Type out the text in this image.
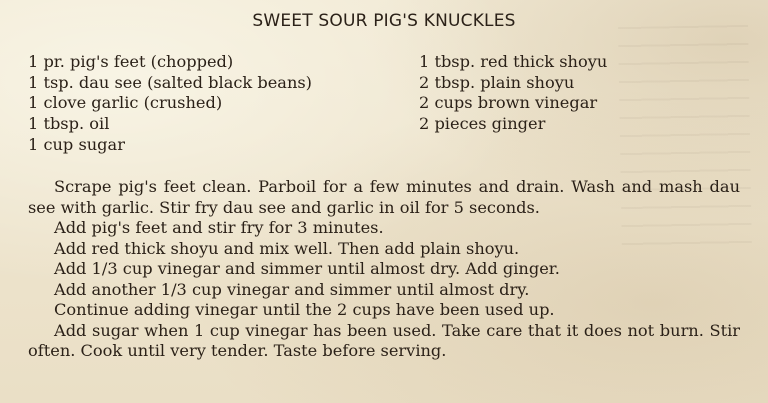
SWEET SOUR PIG'S KNUCKLES
1 pr. pig's feet (chopped)
1 tsp. dau see (salted black beans)
1 clove garlic (crushed)
1 tbsp. oil
1 cup sugar
1 tbsp. red thick shoyu
2 tbsp. plain shoyu
2 cups brown vinegar
2 pieces ginger

Scrape pig's feet clean. Parboil for a few minutes and drain. Wash and mash dau see with garlic. Stir fry dau see and garlic in oil for 5 seconds.

Add pig's feet and stir fry for 3 minutes.

Add red thick shoyu and mix well. Then add plain shoyu.

Add 1/3 cup vinegar and simmer until almost dry. Add ginger.

Add another 1/3 cup vinegar and simmer until almost dry.

Continue adding vinegar until the 2 cups have been used up.

Add sugar when 1 cup vinegar has been used. Take care that it does not burn. Stir often. Cook until very tender. Taste before serving.
